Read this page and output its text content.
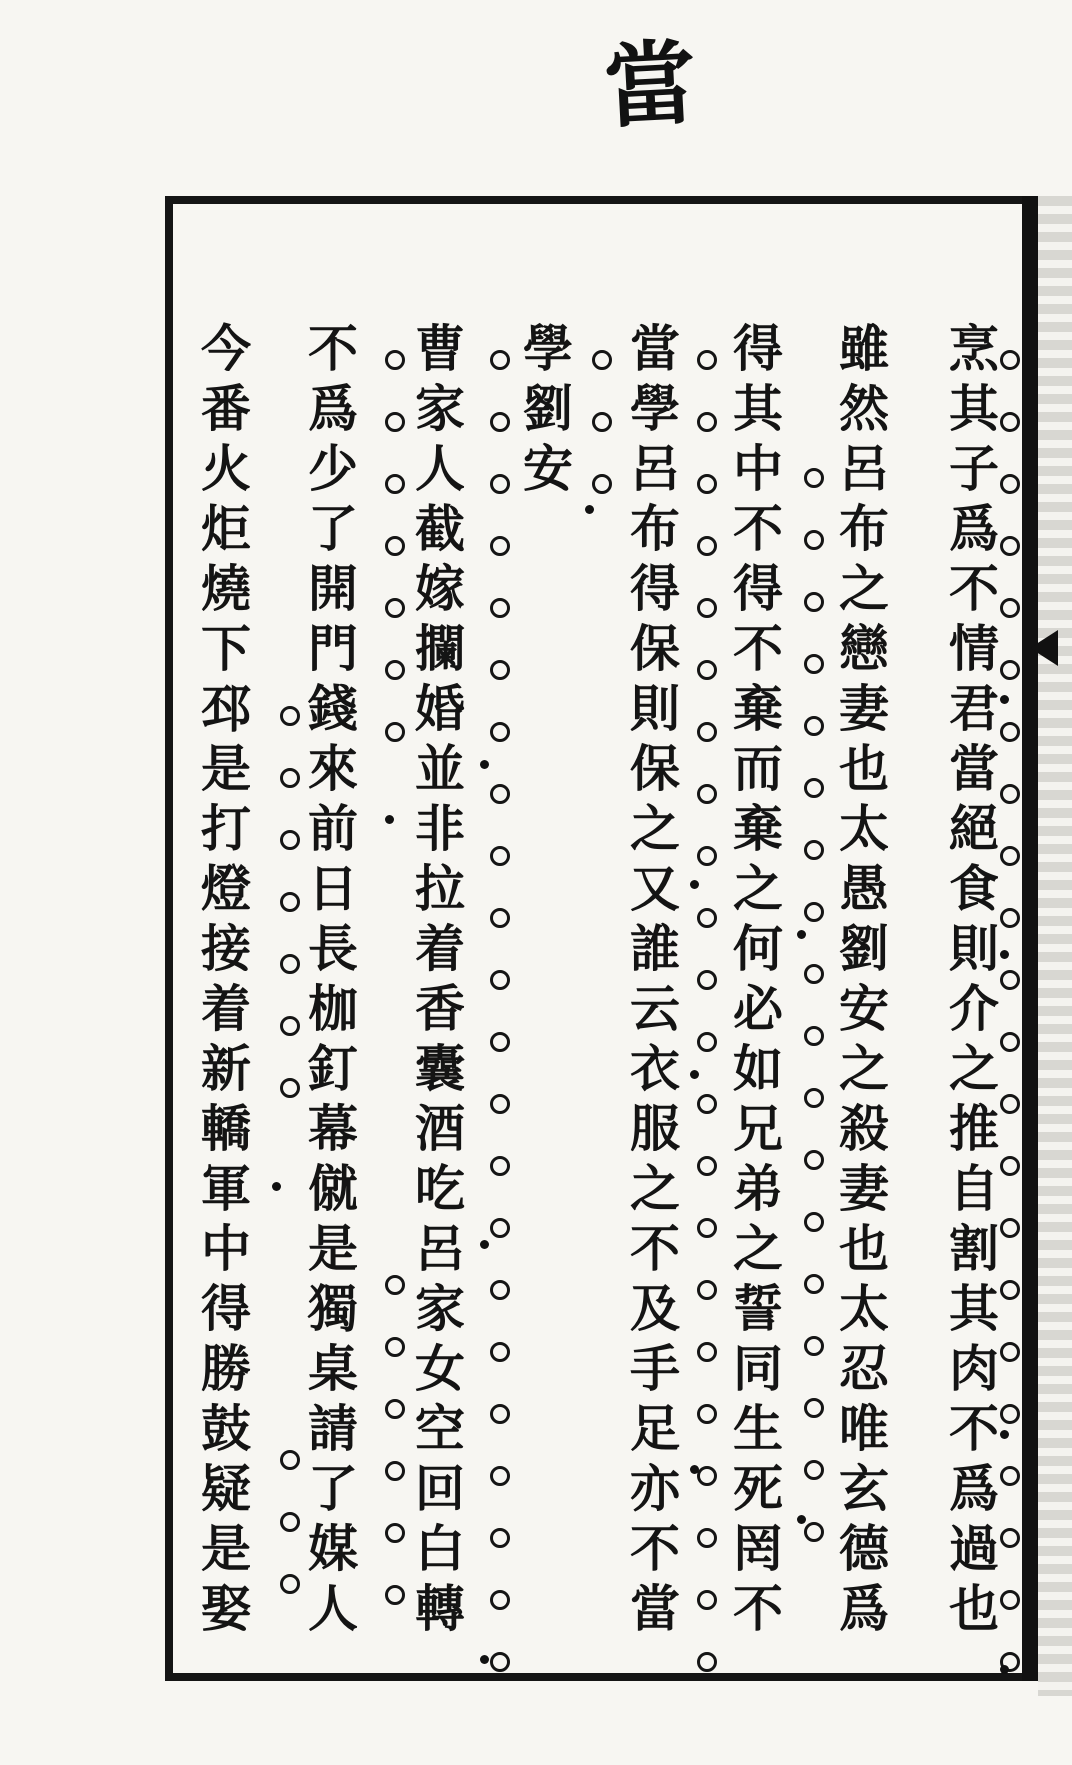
當
烹其子爲不情君當絕食則介之推自割其肉不爲過也
雖然呂布之戀妻也太愚劉安之殺妻也太忍唯玄德爲
得其中不得不棄而棄之何必如兄弟之誓同生死罔不
當學呂布得保則保之又誰云衣服之不及手足亦不當
學劉安
曹家人截嫁攔婚並非拉着香囊酒吃呂家女空回白轉
不爲少了開門錢來前日長枷釘幕僦是獨桌請了媒人
今番火炬燒下邳是打燈接着新轎軍中得勝鼓疑是娶
